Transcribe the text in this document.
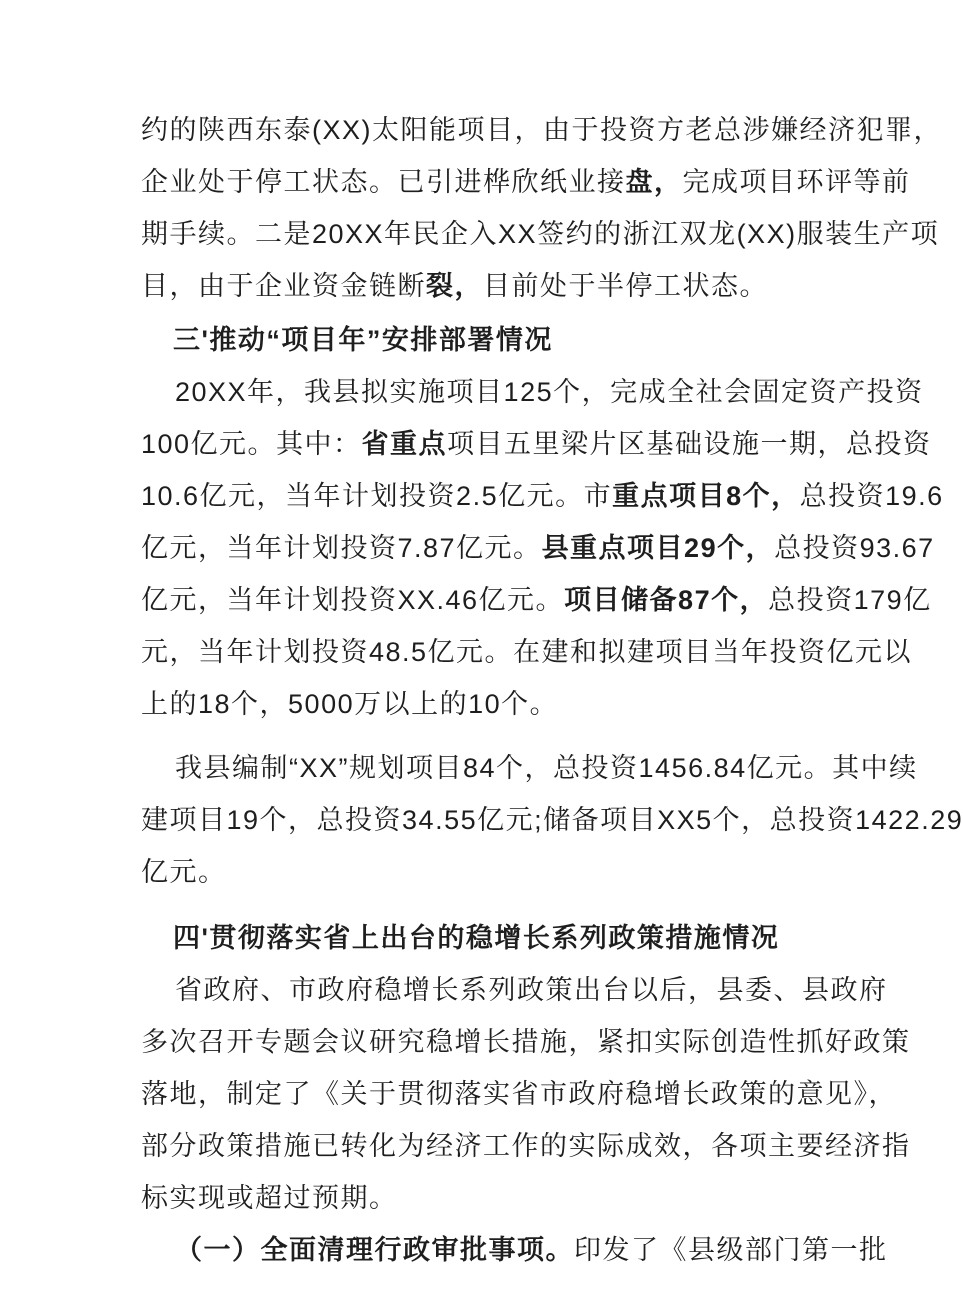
约的陕西东泰(XX)太阳能项目，由于投资方老总涉嫌经济犯罪，
企业处于停工状态。已引进桦欣纸业接盘，完成项目环评等前
期手续。二是20XX年民企入XX签约的浙江双龙(XX)服装生产项
目，由于企业资金链断裂，目前处于半停工状态。
三'推动“项目年”安排部署情况
20XX年，我县拟实施项目125个，完成全社会固定资产投资
100亿元。其中：省重点项目五里梁片区基础设施一期，总投资
10.6亿元，当年计划投资2.5亿元。市重点项目8个，总投资19.6
亿元，当年计划投资7.87亿元。县重点项目29个，总投资93.67
亿元，当年计划投资XX.46亿元。项目储备87个，总投资179亿
元，当年计划投资48.5亿元。在建和拟建项目当年投资亿元以
上的18个，5000万以上的10个。
我县编制“XX”规划项目84个，总投资1456.84亿元。其中续
建项目19个，总投资34.55亿元;储备项目XX5个，总投资1422.29
亿元。
四'贯彻落实省上出台的稳增长系列政策措施情况
省政府、市政府稳增长系列政策出台以后，县委、县政府
多次召开专题会议研究稳增长措施，紧扣实际创造性抓好政策
落地，制定了《关于贯彻落实省市政府稳增长政策的意见》，
部分政策措施已转化为经济工作的实际成效，各项主要经济指
标实现或超过预期。
（一）全面清理行政审批事项。印发了《县级部门第一批
